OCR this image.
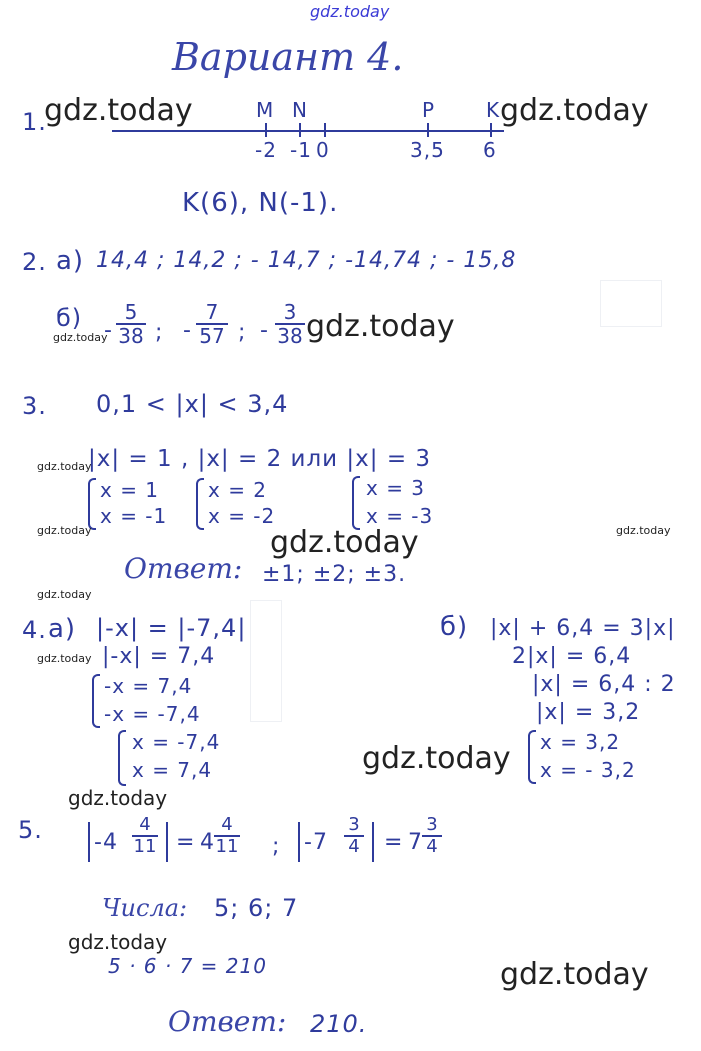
gdz.today
Вариант 4.
1.
gdz.today	gdz.today
M N	P	K
-2 -1 0	3,5 6
K(6), N(-1).
2. а) 14,4 ; 14,2 ; - 14,7 ; -14,74 ; - 15,8
б)
gdz.today
-
5
38 ; -
7
57 ; -
3
38 gdz.today
3. 0,1 < |x| < 3,4
gdz.today
|x| = 1 , |x| = 2 или |x| = 3
x = 1
x = -1
gdz.today
x = 2
x = -2
x = 3
x = -3
gdz.today
gdz.today
Ответ: ±1; ±2; ±3.
gdz.today
4. а) |-x| = |-7,4|
gdz.today |-x| = 7,4
-x = 7,4
-x = -7,4
x = -7,4
x = 7,4
б) |x| + 6,4 = 3|x|
2|x| = 6,4
|x| = 6,4 : 2
|x| = 3,2
gdz.today x = 3,2
x = - 3,2
gdz.today
5. -4
4
11 = 4
4
11 ; -7
3
4 = 7
3
4
Числа: 5; 6; 7
gdz.today
5 · 6 · 7 = 210	gdz.today
Ответ: 210.
